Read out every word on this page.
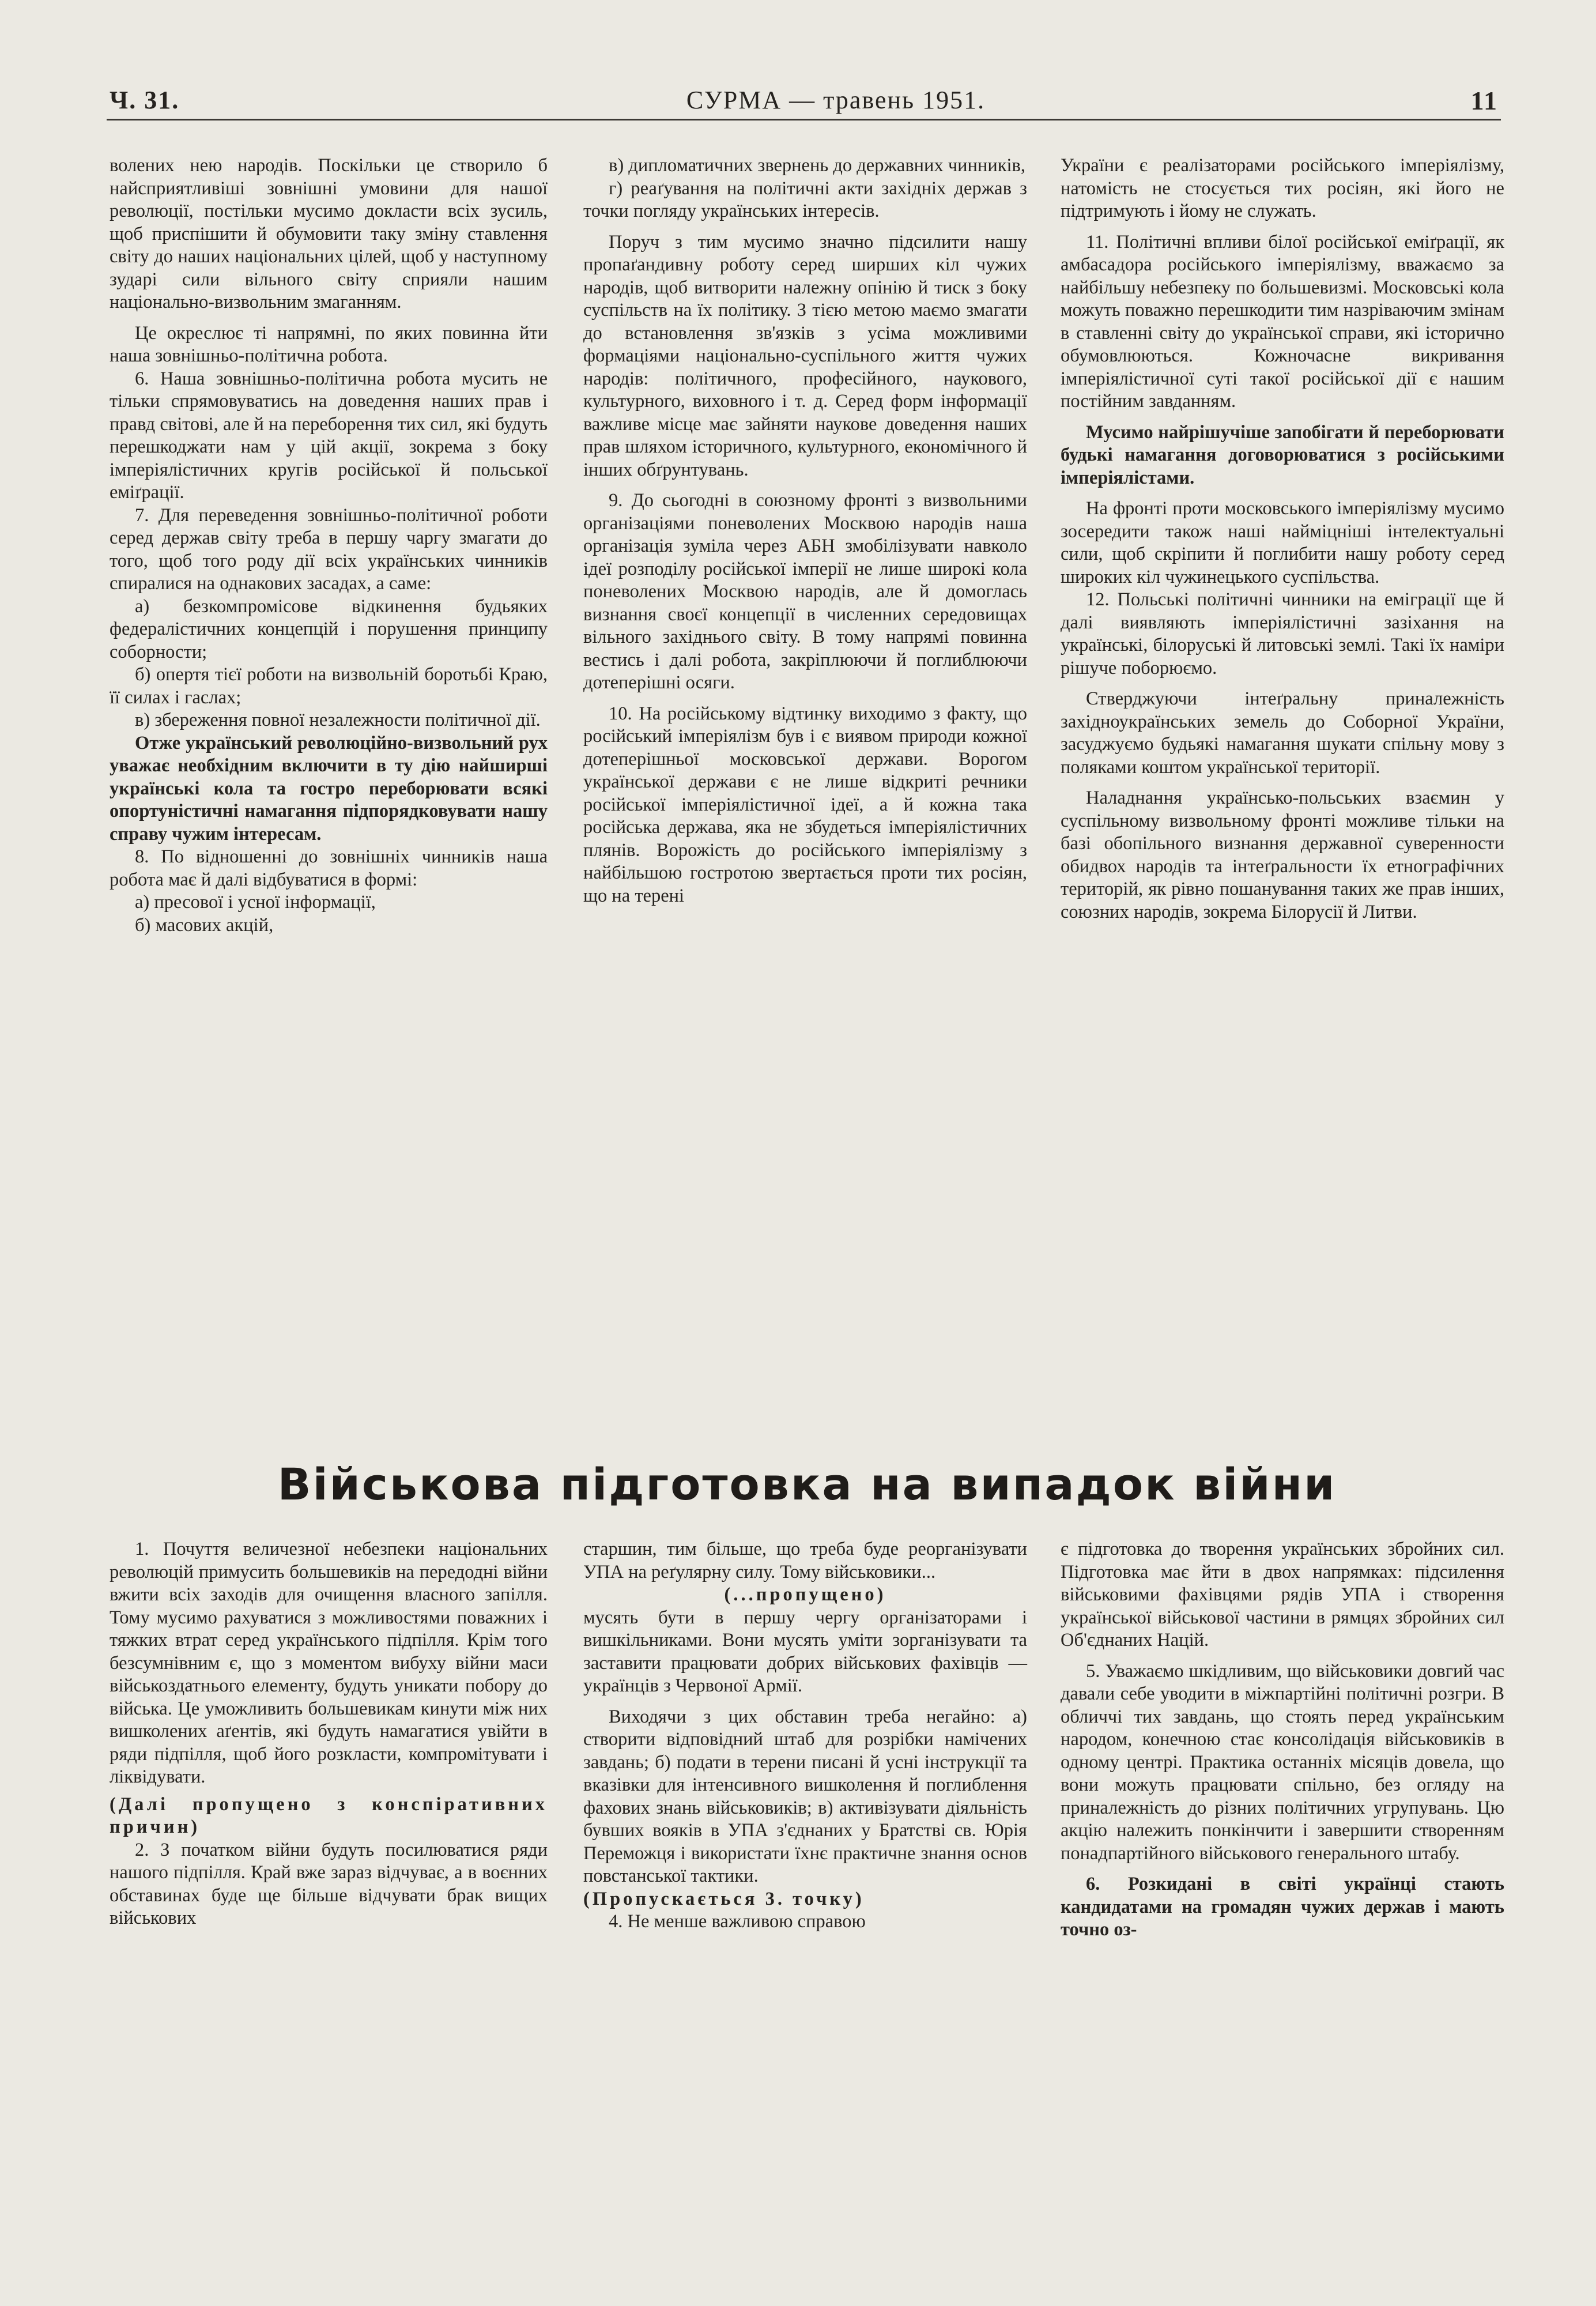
Ч. 31.	СУРМА — травень 1951.	11

волених нею народів. Поскільки це створило б найсприятливіші зовнішні умовини для нашої революції, постільки мусимо докласти всіх зусиль, щоб приспішити й обумовити таку зміну ставлення світу до наших національних цілей, щоб у наступному зударі сили вільного світу сприяли нашим національно-визвольним змаганням.

Це окреслює ті напрямні, по яких повинна йти наша зовнішньо-політична робота.

6. Наша зовнішньо-політична робота мусить не тільки спрямовуватись на доведення наших прав і правд світові, але й на переборення тих сил, які будуть перешкоджати нам у цій акції, зокрема з боку імперіялістичних кругів російської й польської еміґрації.

7. Для переведення зовнішньо-політичної роботи серед держав світу треба в першу чаргу змагати до того, щоб того роду дії всіх українських чинників спиралися на однакових засадах, а саме:

а) безкомпромісове відкинення будьяких федералістичних концепцій і порушення принципу соборности;

б) опертя тієї роботи на визвольній боротьбі Краю, її силах і гаслах;

в) збереження повної незалежности політичної дії.

Отже український революційно-визвольний рух уважає необхідним включити в ту дію найширші українські кола та гостро переборювати всякі опортуністичні намагання підпорядковувати нашу справу чужим інтересам.

8. По відношенні до зовнішніх чинників наша робота має й далі відбуватися в формі:

а) пресової і усної інформації,

б) масових акцій,

в) дипломатичних звернень до державних чинників,

г) реаґування на політичні акти західніх держав з точки погляду українських інтересів.

Поруч з тим мусимо значно підсилити нашу пропаґандивну роботу серед ширших кіл чужих народів, щоб витворити належну опінію й тиск з боку суспільств на їх політику. З тією метою маємо змагати до встановлення зв'язків з усіма можливими формаціями національно-суспільного життя чужих народів: політичного, професійного, наукового, культурного, виховного і т. д. Серед форм інформації важливе місце має зайняти наукове доведення наших прав шляхом історичного, культурного, економічного й інших обґрунтувань.

9. До сьогодні в союзному фронті з визвольними організаціями поневолених Москвою народів наша організація зуміла через АБН змобілізувати навколо ідеї розподілу російської імперії не лише широкі кола поневолених Москвою народів, але й домоглась визнання своєї концепції в численних середовищах вільного західнього світу. В тому напрямі повинна вестись і далі робота, закріплюючи й поглиблюючи дотеперішні осяги.

10. На російському відтинку виходимо з факту, що російський імперіялізм був і є виявом природи кожної дотеперішньої московської держави. Ворогом української держави є не лише відкриті речники російської імперіялістичної ідеї, а й кожна така російська держава, яка не збудеться імперіялістичних плянів. Ворожість до російського імперіялізму з найбільшою гостротою звертається проти тих росіян, що на терені

України є реалізаторами російського імперіялізму, натомість не стосується тих росіян, які його не підтримують і йому не служать.

11. Політичні впливи білої російської еміґрації, як амбасадора російського імперіялізму, вважаємо за найбільшу небезпеку по большевизмі. Московські кола можуть поважно перешкодити тим назріваючим змінам в ставленні світу до української справи, які історично обумовлюються. Кожночасне викривання імперіялістичної суті такої російської дії є нашим постійним завданням.

Мусимо найрішучіше запобігати й переборювати будькі намагання договорюватися з російськими імперіялістами.

На фронті проти московського імперіялізму мусимо зосередити також наші найміцніші інтелектуальні сили, щоб скріпити й поглибити нашу роботу серед широких кіл чужинецького суспільства.

12. Польські політичні чинники на еміграції ще й далі виявляють імперіялістичні зазіхання на українські, білоруські й литовські землі. Такі їх наміри рішуче поборюємо.

Стверджуючи інтеґральну приналежність західноукраїнських земель до Соборної України, засуджуємо будьякі намагання шукати спільну мову з поляками коштом української території.

Наладнання українсько-польських взаємин у суспільному визвольному фронті можливе тільки на базі обопільного визнання державної суверенности обидвох народів та інтеґральности їх етнографічних територій, як рівно пошанування таких же прав інших, союзних народів, зокрема Білорусії й Литви.

Військова підготовка на випадок війни

1. Почуття величезної небезпеки національних революцій примусить большевиків на передодні війни вжити всіх заходів для очищення власного запілля. Тому мусимо рахуватися з можливостями поважних і тяжких втрат серед українського підпілля. Крім того безсумнівним є, що з моментом вибуху війни маси військоздатнього елементу, будуть уникати побору до війська. Це уможливить большевикам кинути між них вишколених аґентів, які будуть намагатися увійти в ряди підпілля, щоб його розкласти, компромітувати і ліквідувати.

(Далі пропущено з конспіративних причин)

2. З початком війни будуть посилюватися ряди нашого підпілля. Край вже зараз відчуває, а в воєнних обставинах буде ще більше відчувати брак вищих військових

старшин, тим більше, що треба буде реорганізувати УПА на реґулярну силу. Тому військовики...

(...пропущено)

мусять бути в першу чергу організаторами і вишкільниками. Вони мусять уміти зорганізувати та заставити працювати добрих військових фахівців — українців з Червоної Армії.

Виходячи з цих обставин треба негайно: а) створити відповідний штаб для розрібки намічених завдань; б) подати в терени писані й усні інструкції та вказівки для інтенсивного вишколення й поглиблення фахових знань військовиків; в) активізувати діяльність бувших вояків в УПА з'єднаних у Братстві св. Юрія Переможця і використати їхнє практичне знання основ повстанської тактики.

(Пропускається 3. точку)

4. Не менше важливою справою

є підготовка до творення українських збройних сил. Підготовка має йти в двох напрямках: підсилення військовими фахівцями рядів УПА і створення української військової частини в рямцях збройних сил Об'єднаних Націй.

5. Уважаємо шкідливим, що військовики довгий час давали себе уводити в міжпартійні політичні розгри. В обличчі тих завдань, що стоять перед українським народом, конечною стає консолідація військовиків в одному центрі. Практика останніх місяців довела, що вони можуть працювати спільно, без огляду на приналежність до різних політичних угрупувань. Цю акцію належить понкінчити і завершити створенням понадпартійного військового генерального штабу.

6. Розкидані в світі українці стають кандидатами на громадян чужих держав і мають точно оз-
